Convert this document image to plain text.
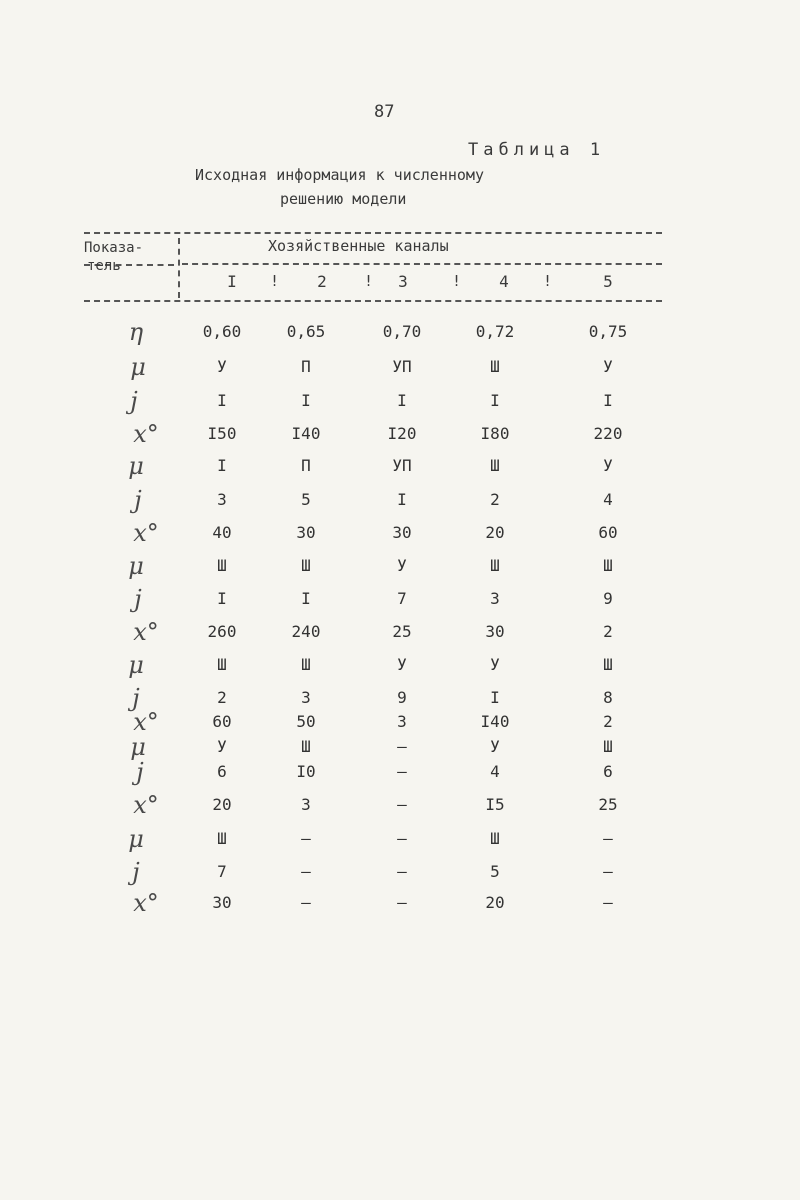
87
Таблица 1
Исходная информация к численному
решению модели
Показа-
тель
Хозяйственные каналы
I	!	2	!	3	!	4	!	5
η	0,60	0,65	0,70	0,72	0,75
μ	У	П	УП	Ш	У
j	I	I	I	I	I
x°	I50	I40	I20	I80	220
μ	I	П	УП	Ш	У
j	3	5	I	2	4
x°	40	30	30	20	60
μ	Ш	Ш	У	Ш	Ш
j	I	I	7	3	9
x°	260	240	25	30	2
μ	Ш	Ш	У	У	Ш
j	2	3	9	I	8
x°	60	50	3	I40	2
μ	У	Ш	–	У	Ш
j	6	I0	–	4	6
x°	20	3	–	I5	25
μ	Ш	–	–	Ш	–
j	7	–	–	5	–
x°	30	–	–	20	–
